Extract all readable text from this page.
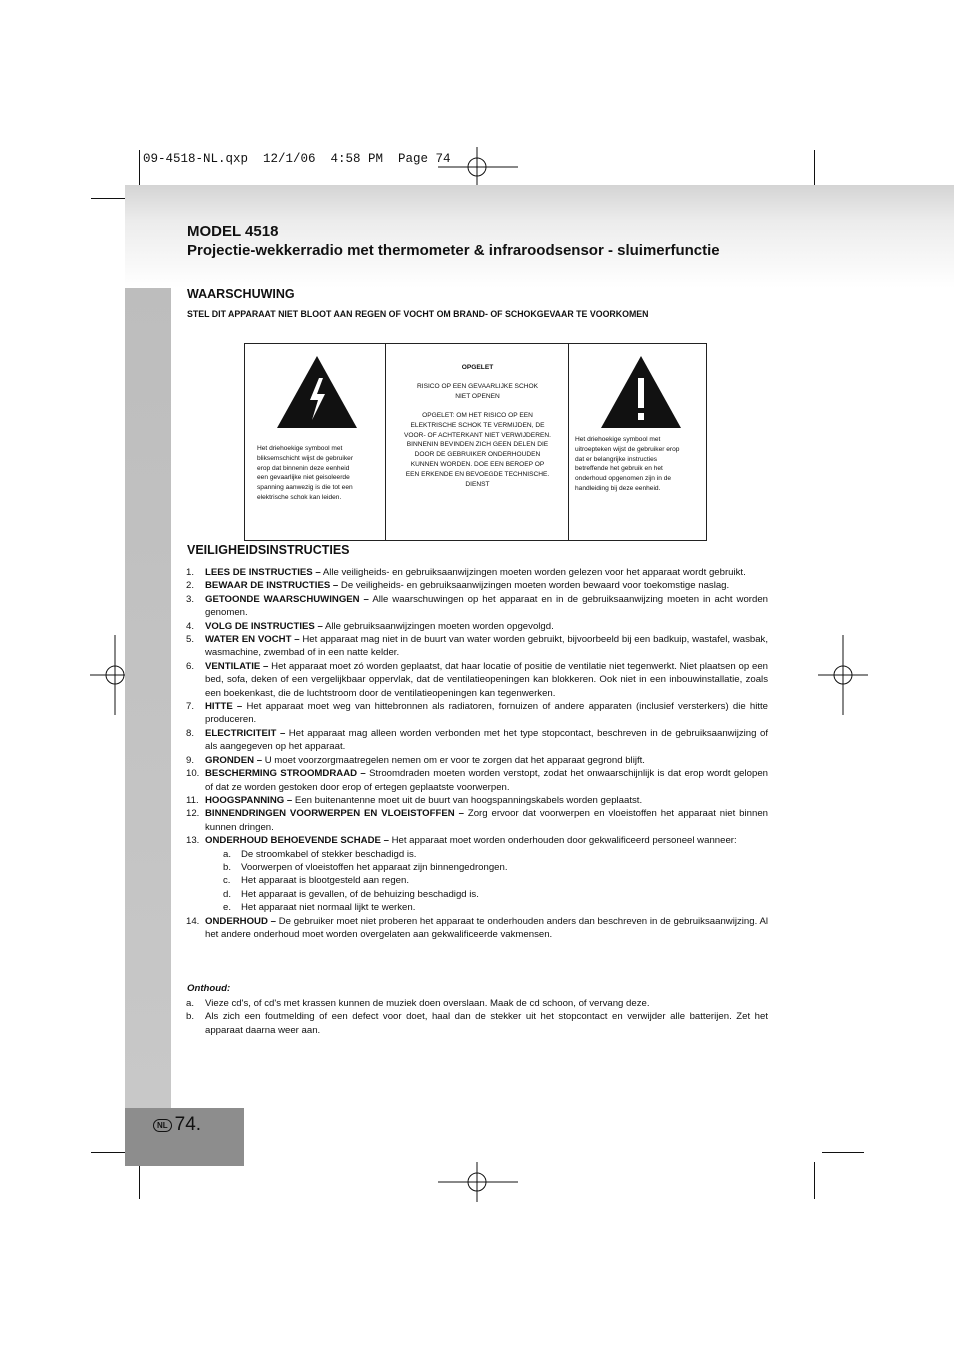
09-4518-NL.qxp  12/1/06  4:58 PM  Page 74
MODEL 4518
Projectie-wekkerradio met thermometer & infraroodsensor - sluimerfunctie
WAARSCHUWING
STEL DIT APPARAAT NIET BLOOT AAN REGEN OF VOCHT OM BRAND- OF SCHOKGEVAAR TE VOORKOMEN
Het driehoekige symbool met
bliksemschicht wijst de gebruiker
erop dat binnenin deze eenheid
een gevaarlijke niet geisoleerde
spanning aanwezig is die tot een
elektrische schok kan leiden.
OPGELET
RISICO OP EEN GEVAARLIJKE SCHOK
NIET OPENEN
OPGELET: OM HET RISICO OP EEN
ELEKTRISCHE SCHOK TE VERMIJDEN, DE
VOOR- OF ACHTERKANT NIET VERWIJDEREN.
BINNENIN BEVINDEN ZICH GEEN DELEN DIE
DOOR DE GEBRUIKER ONDERHOUDEN
KUNNEN WORDEN. DOE EEN BEROEP OP
EEN ERKENDE EN BEVOEGDE TECHNISCHE.
DIENST
Het driehoekige symbool met
uitroepteken wijst de gebruiker erop
dat er belangrijke instructies
betreffende het gebruik en het
onderhoud opgenomen zijn in de
handleiding bij deze eenheid.
VEILIGHEIDSINSTRUCTIES
1. LEES DE INSTRUCTIES – Alle veiligheids- en gebruiksaanwijzingen moeten worden gelezen voor het apparaat wordt gebruikt.
2. BEWAAR DE INSTRUCTIES – De veiligheids- en gebruiksaanwijzingen moeten worden bewaard voor toekomstige naslag.
3. GETOONDE WAARSCHUWINGEN – Alle waarschuwingen op het apparaat en in de gebruiksaanwijzing moeten in acht worden genomen.
4. VOLG DE INSTRUCTIES – Alle gebruiksaanwijzingen moeten worden opgevolgd.
5. WATER EN VOCHT – Het apparaat mag niet in de buurt van water worden gebruikt, bijvoorbeeld bij een badkuip, wastafel, wasbak, wasmachine, zwembad of in een natte kelder.
6. VENTILATIE – Het apparaat moet zó worden geplaatst, dat haar locatie of positie de ventilatie niet tegenwerkt. Niet plaatsen op een bed, sofa, deken of een vergelijkbaar oppervlak, dat de ventilatieopeningen kan blokkeren. Ook niet in een inbouwinstallatie, zoals een boekenkast, die de luchtstroom door de ventilatieopeningen kan tegenwerken.
7. HITTE – Het apparaat moet weg van hittebronnen als radiatoren, fornuizen of andere apparaten (inclusief versterkers) die hitte produceren.
8. ELECTRICITEIT – Het apparaat mag alleen worden verbonden met het type stopcontact, beschreven in de gebruiksaanwijzing of als aangegeven op het apparaat.
9. GRONDEN – U moet voorzorgmaatregelen nemen om er voor te zorgen dat het apparaat gegrond blijft.
10. BESCHERMING STROOMDRAAD – Stroomdraden moeten worden verstopt, zodat het onwaarschijnlijk is dat erop wordt gelopen of dat ze worden gestoken door erop of ertegen geplaatste voorwerpen.
11. HOOGSPANNING – Een buitenantenne moet uit de buurt van hoogspanningskabels worden geplaatst.
12. BINNENDRINGEN VOORWERPEN EN VLOEISTOFFEN – Zorg ervoor dat voorwerpen en vloeistoffen het apparaat niet binnen kunnen dringen.
13. ONDERHOUD BEHOEVENDE SCHADE – Het apparaat moet worden onderhouden door gekwalificeerd personeel wanneer:
a. De stroomkabel of stekker beschadigd is.
b. Voorwerpen of vloeistoffen het apparaat zijn binnengedrongen.
c. Het apparaat is blootgesteld aan regen.
d. Het apparaat is gevallen, of de behuizing beschadigd is.
e. Het apparaat niet normaal lijkt te werken.
14. ONDERHOUD – De gebruiker moet niet proberen het apparaat te onderhouden anders dan beschreven in de gebruiksaanwijzing. Al het andere onderhoud moet worden overgelaten aan gekwalificeerde vakmensen.
Onthoud:
a. Vieze cd's, of cd's met krassen kunnen de muziek doen overslaan. Maak de cd schoon, of vervang deze.
b. Als zich een foutmelding of een defect voor doet, haal dan de stekker uit het stopcontact en verwijder alle batterijen. Zet het apparaat daarna weer aan.
NL 74.
